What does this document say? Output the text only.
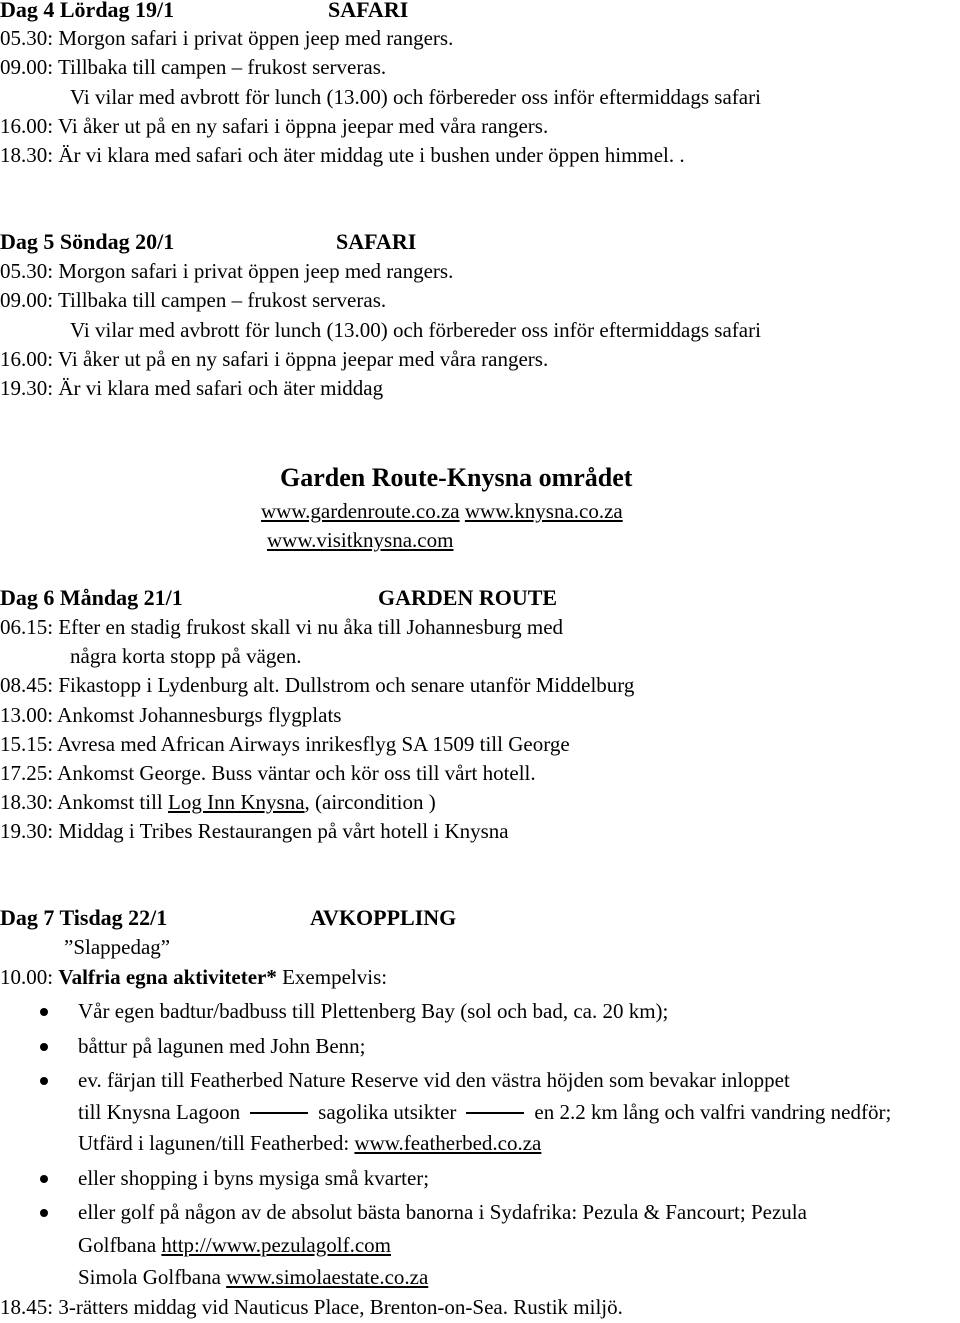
Dag 4 Lördag 19/1	SAFARI
05.30: Morgon safari i privat öppen jeep med rangers.
09.00: Tillbaka till campen – frukost serveras.
Vi vilar med avbrott för lunch (13.00) och förbereder oss inför eftermiddags safari
16.00: Vi åker ut på en ny safari i öppna jeepar med våra rangers.
18.30: Är vi klara med safari och äter middag ute i bushen under öppen himmel. .
Dag 5 Söndag 20/1	SAFARI
05.30: Morgon safari i privat öppen jeep med rangers.
09.00: Tillbaka till campen – frukost serveras.
Vi vilar med avbrott för lunch (13.00) och förbereder oss inför eftermiddags safari
16.00: Vi åker ut på en ny safari i öppna jeepar med våra rangers.
19.30: Är vi klara med safari och äter middag
Garden Route-Knysna området
www.gardenroute.co.za www.knysna.co.za
www.visitknysna.com
Dag 6 Måndag 21/1	GARDEN ROUTE
06.15: Efter en stadig frukost skall vi nu åka till Johannesburg med
några korta stopp på vägen.
08.45: Fikastopp i Lydenburg alt. Dullstrom och senare utanför Middelburg
13.00: Ankomst Johannesburgs flygplats
15.15: Avresa med African Airways inrikesflyg SA 1509 till George
17.25: Ankomst George. Buss väntar och kör oss till vårt hotell.
18.30: Ankomst till Log Inn Knysna, (aircondition )
19.30: Middag i Tribes Restaurangen på vårt hotell i Knysna
Dag 7 Tisdag 22/1	AVKOPPLING
”Slappedag”
10.00: Valfria egna aktiviteter* Exempelvis:
Vår egen badtur/badbuss till Plettenberg Bay (sol och bad, ca. 20 km);
båttur på lagunen med John Benn;
ev. färjan till Featherbed Nature Reserve vid den västra höjden som bevakar inloppet
till Knysna Lagoon	sagolika utsikter	en 2.2 km lång och valfri vandring nedför;
Utfärd i lagunen/till Featherbed: www.featherbed.co.za
eller shopping i byns mysiga små kvarter;
eller golf på någon av de absolut bästa banorna i Sydafrika: Pezula & Fancourt; Pezula
Golfbana http://www.pezulagolf.com
Simola Golfbana www.simolaestate.co.za
18.45: 3-rätters middag vid Nauticus Place, Brenton-on-Sea. Rustik miljö.
